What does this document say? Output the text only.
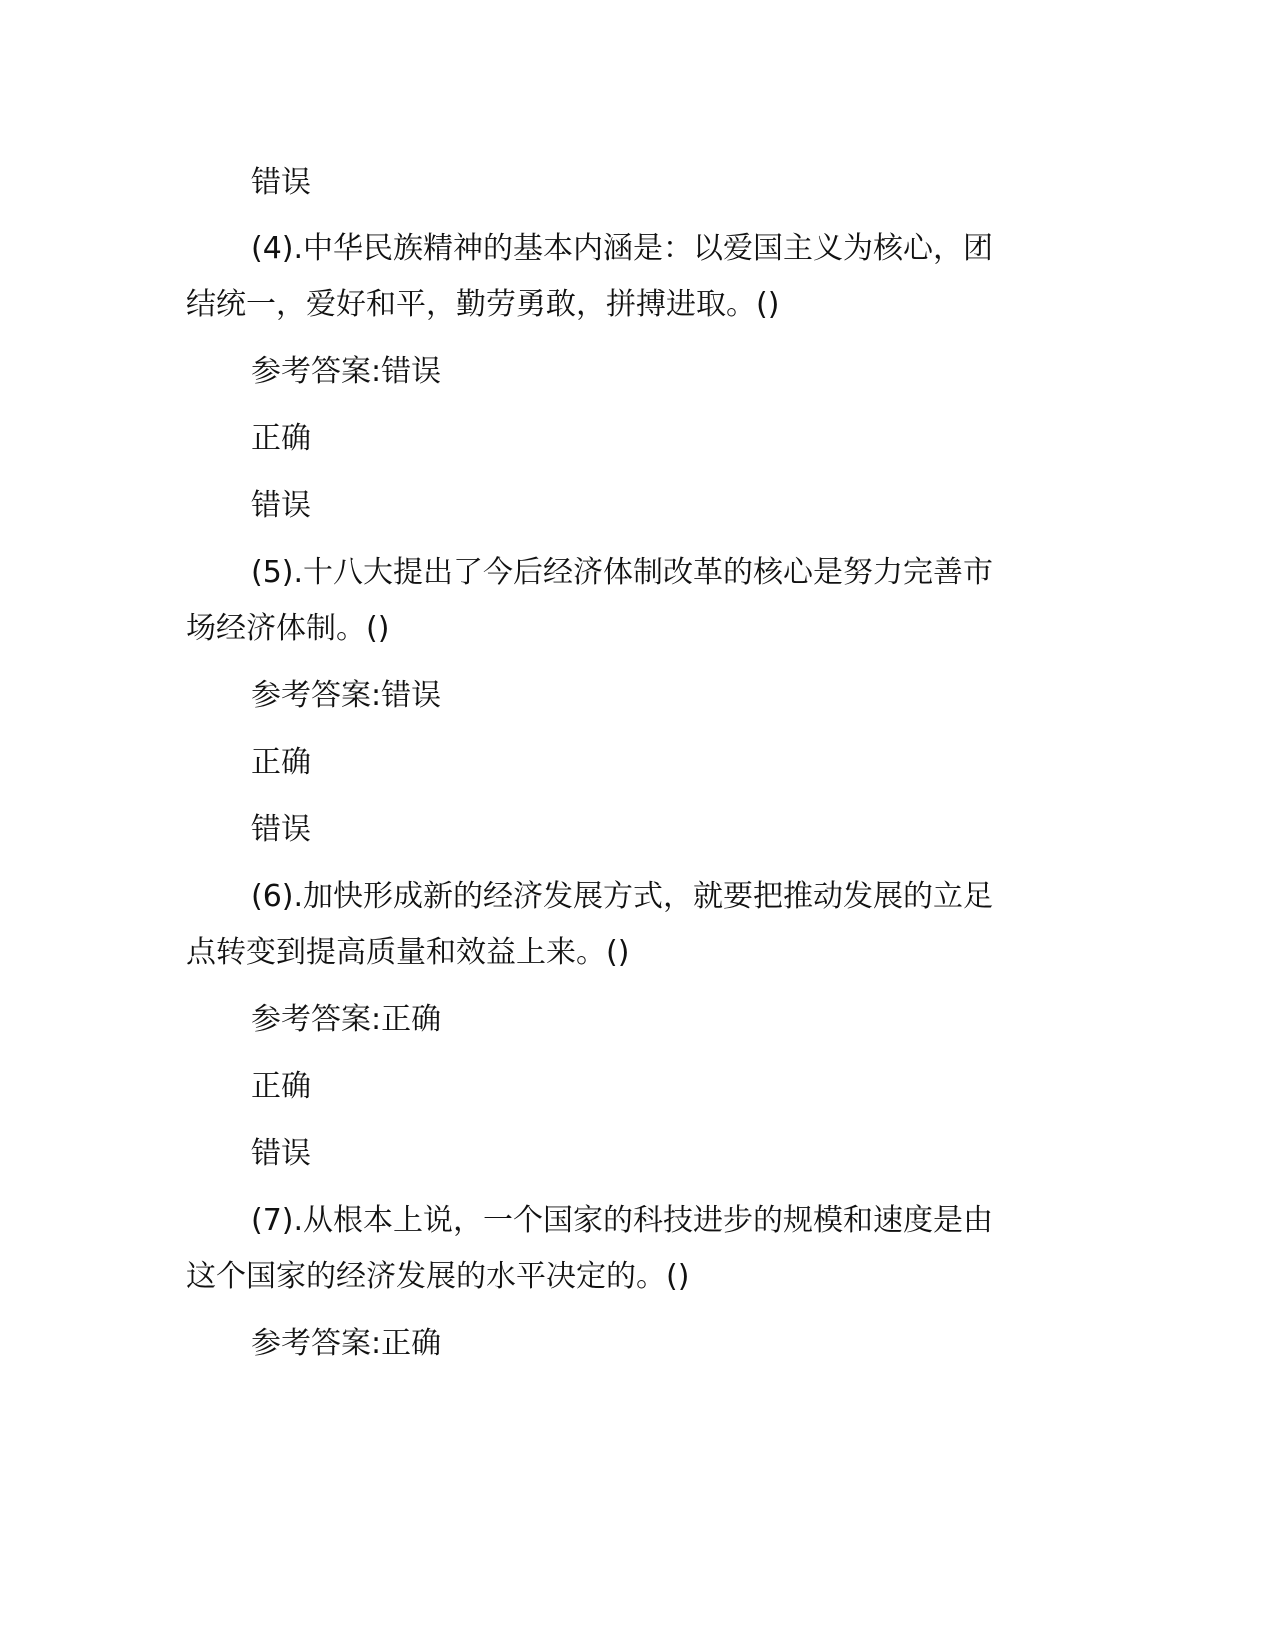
错误
(4).中华民族精神的基本内涵是：以爱国主义为核心，团
结统一，爱好和平，勤劳勇敢，拼搏进取。()
参考答案:错误
正确
错误
(5).十八大提出了今后经济体制改革的核心是努力完善市
场经济体制。()
参考答案:错误
正确
错误
(6).加快形成新的经济发展方式，就要把推动发展的立足
点转变到提高质量和效益上来。()
参考答案:正确
正确
错误
(7).从根本上说，一个国家的科技进步的规模和速度是由
这个国家的经济发展的水平决定的。()
参考答案:正确
